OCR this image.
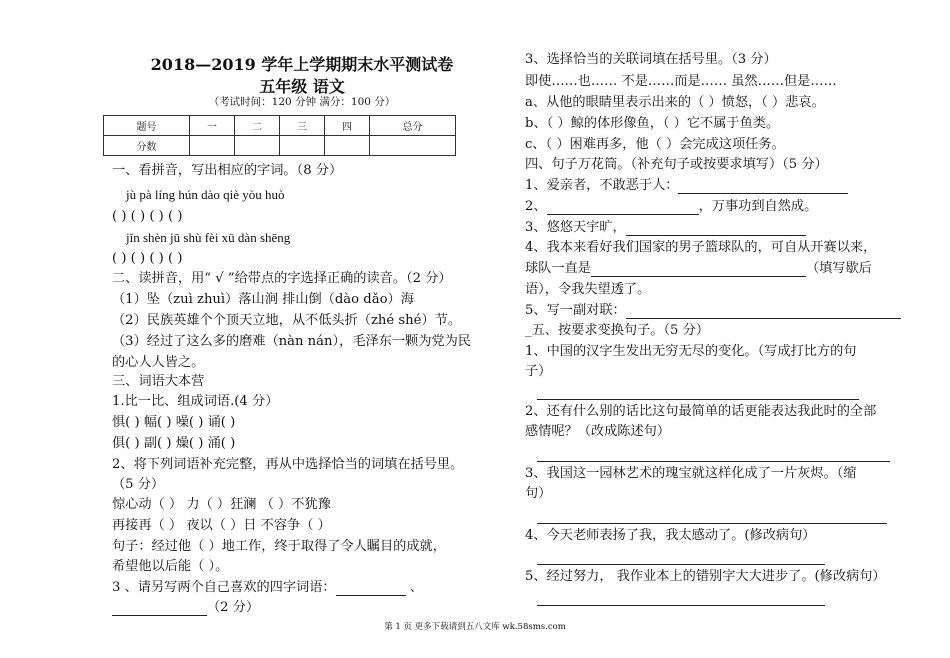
2018—2019 学年上学期期末水平测试卷
五年级 语文
（考试时间：120 分钟 满分：100 分）
题号	一	二	三	四	总分
分数					
一、看拼音，写出相应的字词。（8 分）
jù pà líng hún dào qiè yòu huò
( ) ( ) ( ) ( )
jǐn shèn jū shù fèi xū dàn shēng
( ) ( ) ( ) ( )
二、读拼音，用“ √ ”给带点的字选择正确的读音。（2 分）
（1）坠（zuì zhuì）落山涧 排山倒（dào dǎo）海
（2）民族英雄个个顶天立地，从不低头折（zhé shé）节。
（3）经过了这么多的磨难（nàn nán），毛泽东一颗为党为民
的心人人皆之。
三、词语大本营
1.比一比、组成词语.(4 分）
惧( ) 幅( ) 噪( ) 诵( )
俱( ) 副( ) 燥( ) 涌( )
2、将下列词语补充完整，再从中选择恰当的词填在括号里。
（5 分）
惊心动（ ） 力（ ）狂澜 （ ）不犹豫
再接再（ ） 夜以（ ）日 不容争（ ）
句子：经过他（ ）地工作，终于取得了令人瞩目的成就，
希望他以后能（ ）。
3 、请另写两个自己喜欢的四字词语：	、
（2 分）
3、选择恰当的关联词填在括号里。（3 分）
即使……也…… 不是……而是…… 虽然……但是……
a、从他的眼睛里表示出来的（ ）愤怒，（ ）悲哀。
b、（ ）鲸的体形像鱼，（ ）它不属于鱼类。
c、（ ）困难再多，他（ ）会完成这项任务。
四、句子万花筒。（补充句子或按要求填写）（5 分）
1、爱亲者，不敢恶于人：
2、	，万事功到自然成。
3、悠悠天宇旷，
4、我本来看好我们国家的男子篮球队的，可自从开赛以来，
球队一直是	（填写歇后
语），令我失望透了。
5、写一副对联：
_五、按要求变换句子。（5 分）
1、中国的汉字生发出无穷无尽的变化。（写成打比方的句
子）
2、还有什么别的话比这句最简单的话更能表达我此时的全部
感情呢？（改成陈述句）
3、我国这一园林艺术的瑰宝就这样化成了一片灰烬。（缩
句）
4、今天老师表扬了我，我太感动了。(修改病句）
5、经过努力， 我作业本上的错别字大大进步了。(修改病句）
第 1 页 更多下载请到五八文库 wk.58sms.com
